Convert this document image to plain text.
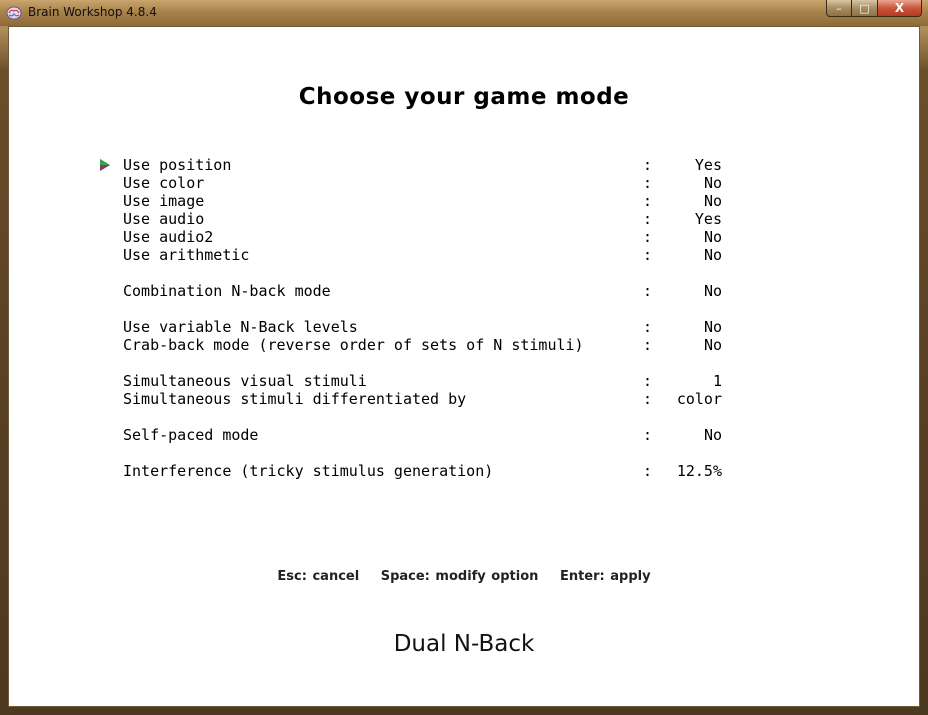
Brain Workshop 4.8.4	– □ X
Choose your game mode
Use position	:	Yes
Use color	:	No
Use image	:	No
Use audio	:	Yes
Use audio2	:	No
Use arithmetic	:	No
Combination N-back mode	:	No
Use variable N-Back levels	:	No
Crab-back mode (reverse order of sets of N stimuli)	:	No
Simultaneous visual stimuli	:	1
Simultaneous stimuli differentiated by	: color
Self-paced mode	:	No
Interference (tricky stimulus generation)	: 12.5%
Esc: cancel Space: modify option Enter: apply
Dual N-Back
